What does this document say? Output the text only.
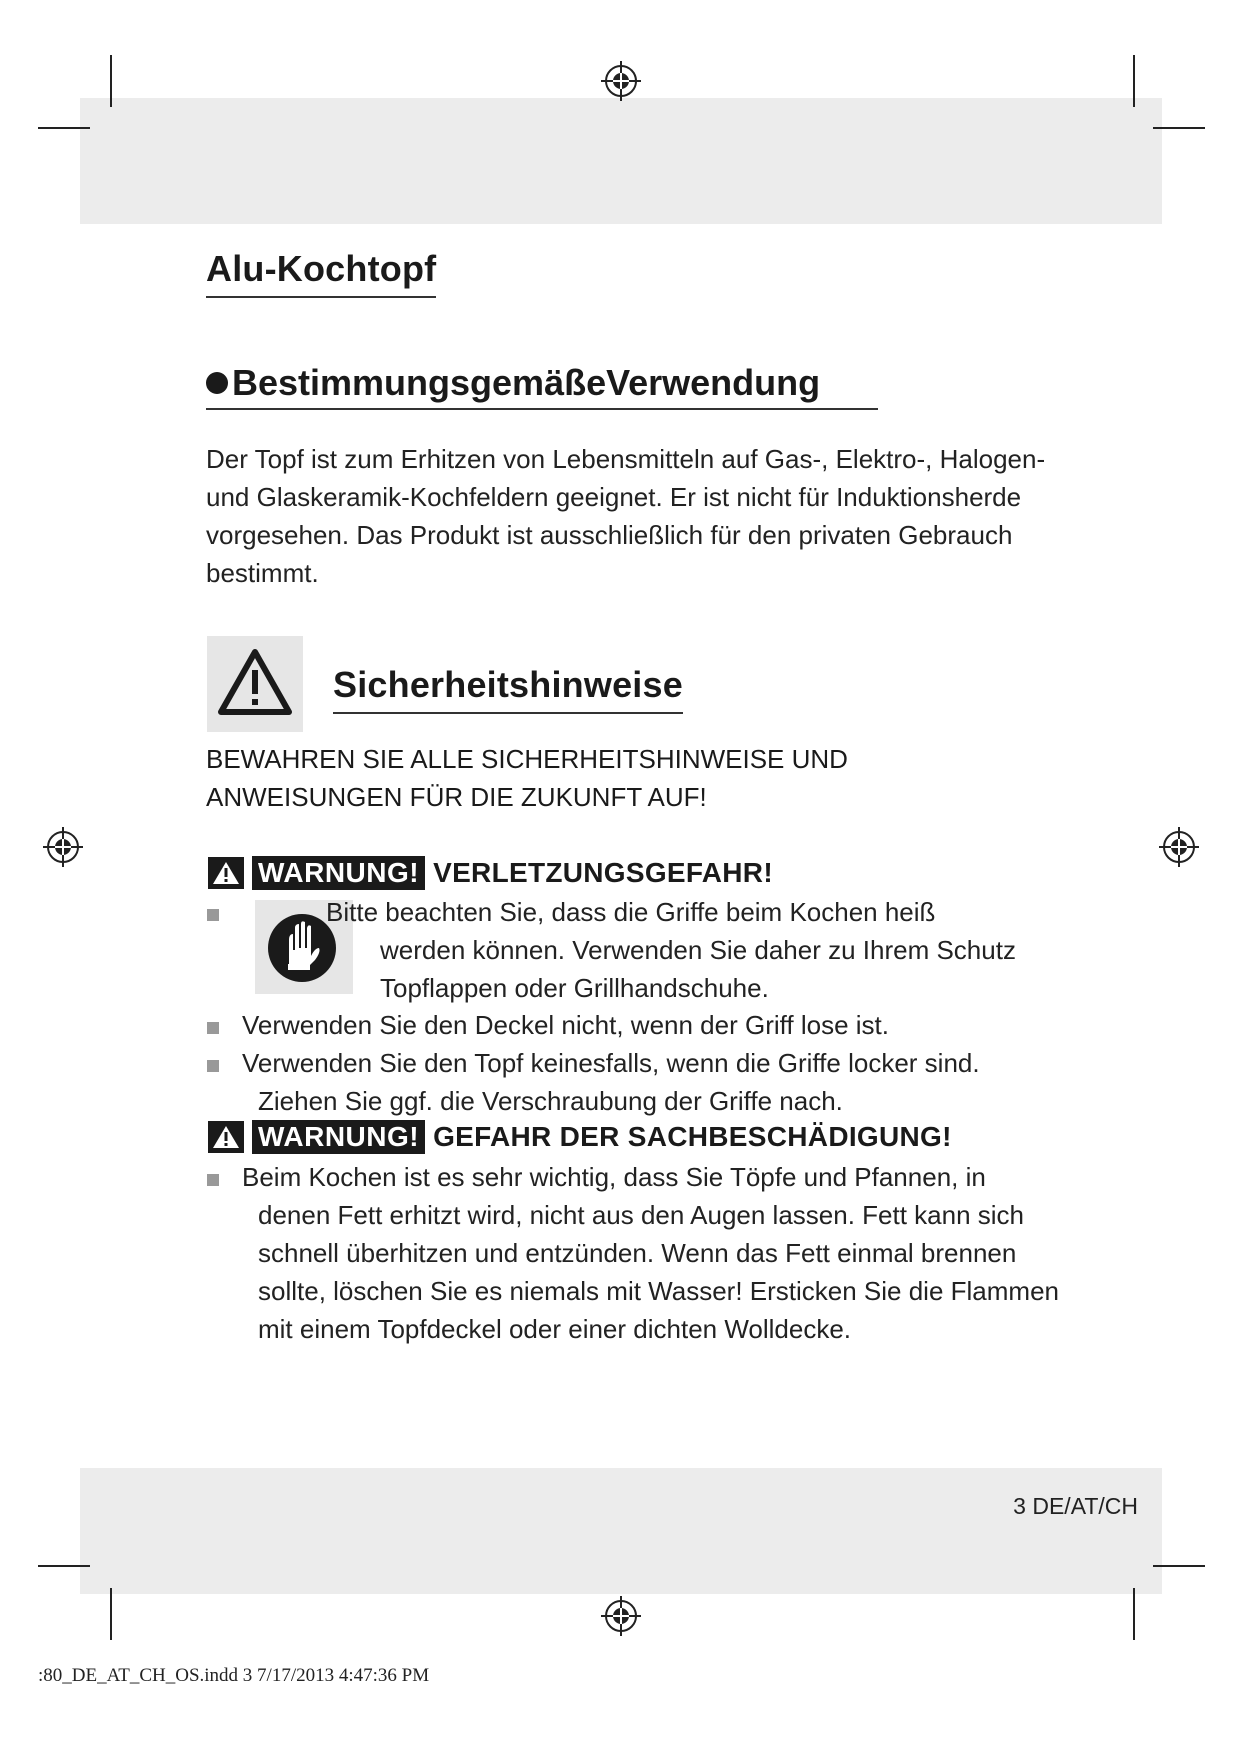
Alu-Kochtopf
BestimmungsgemäßeVerwendung
Der Topf ist zum Erhitzen von Lebensmitteln auf Gas-, Elektro-, Halogen-
und Glaskeramik-Kochfeldern geeignet. Er ist nicht für Induktionsherde
vorgesehen. Das Produkt ist ausschließlich für den privaten Gebrauch
bestimmt.
Sicherheitshinweise
BEWAHREN SIE ALLE SICHERHEITSHINWEISE UND
ANWEISUNGEN FÜR DIE ZUKUNFT AUF!
WARNUNG! VERLETZUNGSGEFAHR!
Bitte beachten Sie, dass die Griffe beim Kochen heiß
werden können. Verwenden Sie daher zu Ihrem Schutz
Topflappen oder Grillhandschuhe.
Verwenden Sie den Deckel nicht, wenn der Griff lose ist.
Verwenden Sie den Topf keinesfalls, wenn die Griffe locker sind.
Ziehen Sie ggf. die Verschraubung der Griffe nach.
WARNUNG! GEFAHR DER SACHBESCHÄDIGUNG!
Beim Kochen ist es sehr wichtig, dass Sie Töpfe und Pfannen, in
denen Fett erhitzt wird, nicht aus den Augen lassen. Fett kann sich
schnell überhitzen und entzünden. Wenn das Fett einmal brennen
sollte, löschen Sie es niemals mit Wasser! Ersticken Sie die Flammen
mit einem Topfdeckel oder einer dichten Wolldecke.
3 DE/AT/CH
:80_DE_AT_CH_OS.indd 3 7/17/2013 4:47:36 PM
